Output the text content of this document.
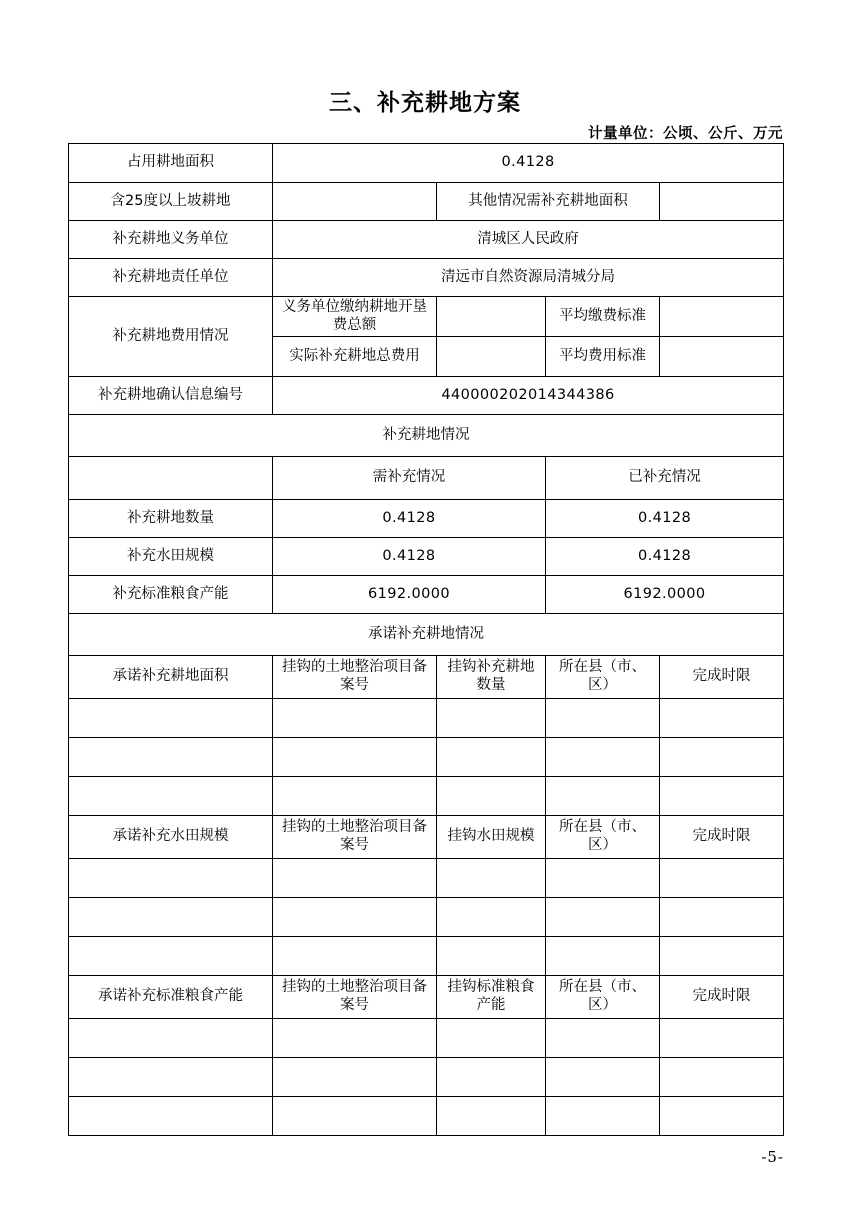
三、补充耕地方案
计量单位：公顷、公斤、万元
占用耕地面积	0.4128			
含25度以上坡耕地		其他情况需补充耕地面积		
补充耕地义务单位	清城区人民政府			
补充耕地责任单位	清远市自然资源局清城分局			
补充耕地费用情况	义务单位缴纳耕地开垦费总额		平均缴费标准	
	实际补充耕地总费用		平均费用标准	
补充耕地确认信息编号	440000202014344386			
补充耕地情况				
	需补充情况		已补充情况	
补充耕地数量	0.4128		0.4128	
补充水田规模	0.4128		0.4128	
补充标准粮食产能	6192.0000		6192.0000	
承诺补充耕地情况				
承诺补充耕地面积	挂钩的土地整治项目备案号	挂钩补充耕地数量	所在县（市、区）	完成时限

承诺补充水田规模	挂钩的土地整治项目备案号	挂钩水田规模	所在县（市、区）	完成时限

承诺补充标准粮食产能	挂钩的土地整治项目备案号	挂钩标准粮食产能	所在县（市、区）	完成时限

-5-
